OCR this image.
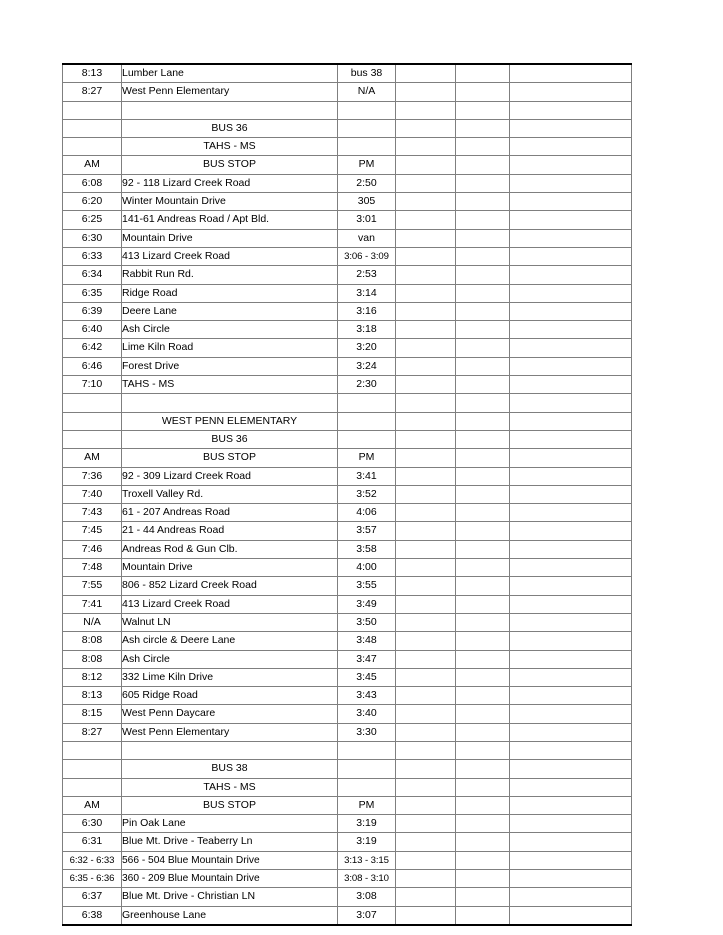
8:13	Lumber Lane	bus 38			
8:27	West Penn Elementary	N/A			

	BUS 36				
	TAHS - MS				
AM	BUS STOP	PM			
6:08	92 - 118 Lizard Creek Road	2:50			
6:20	Winter Mountain Drive	305			
6:25	141-61 Andreas Road / Apt Bld.	3:01			
6:30	Mountain Drive	van			
6:33	413 Lizard Creek Road	3:06 - 3:09			
6:34	Rabbit Run Rd.	2:53			
6:35	Ridge Road	3:14			
6:39	Deere Lane	3:16			
6:40	Ash Circle	3:18			
6:42	Lime Kiln Road	3:20			
6:46	Forest Drive	3:24			
7:10	TAHS - MS	2:30			

	WEST PENN ELEMENTARY				
	BUS 36				
AM	BUS STOP	PM			
7:36	92 - 309 Lizard Creek Road	3:41			
7:40	Troxell Valley Rd.	3:52			
7:43	61 - 207 Andreas Road	4:06			
7:45	21 - 44 Andreas Road	3:57			
7:46	Andreas Rod & Gun Clb.	3:58			
7:48	Mountain Drive	4:00			
7:55	806 - 852 Lizard Creek Road	3:55			
7:41	413 Lizard Creek Road	3:49			
N/A	Walnut LN	3:50			
8:08	Ash circle & Deere Lane	3:48			
8:08	Ash Circle	3:47			
8:12	332 Lime Kiln Drive	3:45			
8:13	605 Ridge Road	3:43			
8:15	West Penn Daycare	3:40			
8:27	West Penn Elementary	3:30			

	BUS 38				
	TAHS - MS				
AM	BUS STOP	PM			
6:30	Pin Oak Lane	3:19			
6:31	Blue Mt. Drive - Teaberry Ln	3:19			
6:32 - 6:33	566 - 504 Blue Mountain Drive	3:13 - 3:15			
6:35 - 6:36	360 - 209 Blue Mountain Drive	3:08 - 3:10			
6:37	Blue Mt. Drive - Christian LN	3:08			
6:38	Greenhouse Lane	3:07			
